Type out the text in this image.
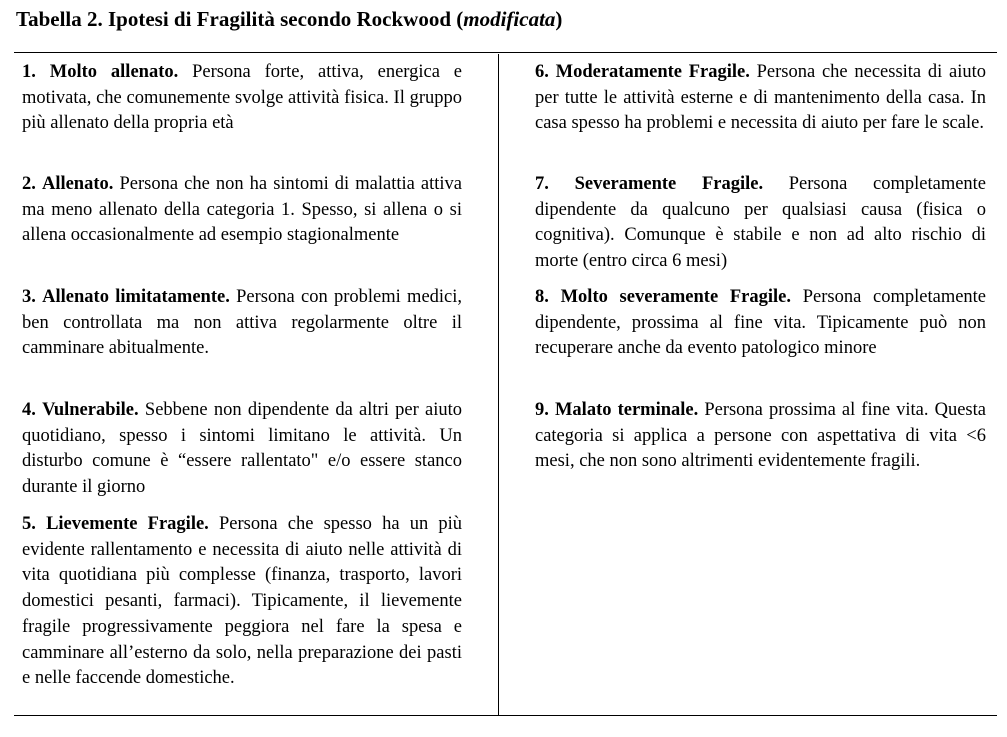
Tabella 2. Ipotesi di Fragilità secondo Rockwood (modificata)
1. Molto allenato. Persona forte, attiva, energica e motivata, che comunemente svolge attività fisica. Il gruppo più allenato della propria età
2. Allenato. Persona che non ha sintomi di malattia attiva ma meno allenato della categoria 1. Spesso, si allena o si allena occasionalmente ad esempio stagionalmente
3. Allenato limitatamente. Persona con problemi medici, ben controllata ma non attiva regolarmente oltre il camminare abitualmente.
4. Vulnerabile. Sebbene non dipendente da altri per aiuto quotidiano, spesso i sintomi limitano le attività. Un disturbo comune è “essere rallentato" e/o essere stanco durante il giorno
5. Lievemente Fragile. Persona che spesso ha un più evidente rallentamento e necessita di aiuto nelle attività di vita quotidiana più complesse (finanza, trasporto, lavori domestici pesanti, farmaci). Tipicamente, il lievemente fragile progressivamente peggiora nel fare la spesa e camminare all’esterno da solo, nella preparazione dei pasti e nelle faccende domestiche.
6. Moderatamente Fragile. Persona che necessita di aiuto per tutte le attività esterne e di mantenimento della casa. In casa spesso ha problemi e necessita di aiuto per fare le scale.
7. Severamente Fragile. Persona completamente dipendente da qualcuno per qualsiasi causa (fisica o cognitiva). Comunque è stabile e non ad alto rischio di morte (entro circa 6 mesi)
8. Molto severamente Fragile. Persona completamente dipendente, prossima al fine vita. Tipicamente può non recuperare anche da evento patologico minore
9. Malato terminale. Persona prossima al fine vita. Questa categoria si applica a persone con aspettativa di vita <6 mesi, che non sono altrimenti evidentemente fragili.
